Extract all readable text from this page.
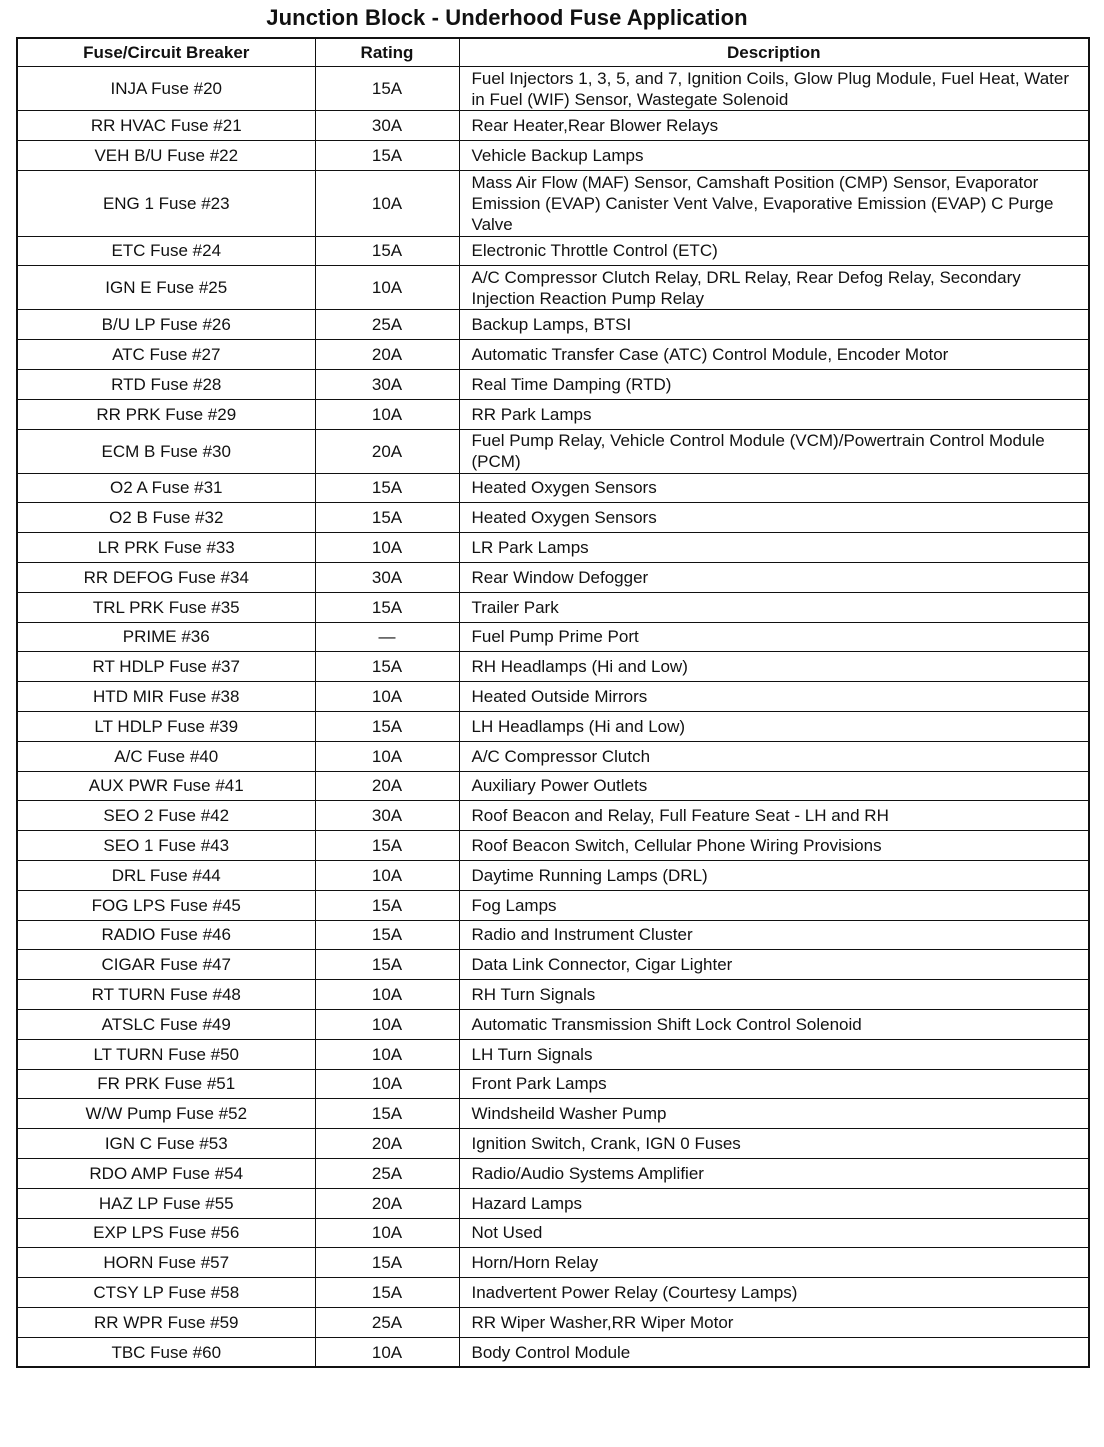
Junction Block - Underhood Fuse Application
Fuse/Circuit Breaker	Rating	Description
INJA Fuse #20	15A	Fuel Injectors 1, 3, 5, and 7, Ignition Coils, Glow Plug Module, Fuel Heat, Water in Fuel (WIF) Sensor, Wastegate Solenoid
RR HVAC Fuse #21	30A	Rear Heater,Rear Blower Relays
VEH B/U Fuse #22	15A	Vehicle Backup Lamps
ENG 1 Fuse #23	10A	Mass Air Flow (MAF) Sensor, Camshaft Position (CMP) Sensor, Evaporator Emission (EVAP) Canister Vent Valve, Evaporative Emission (EVAP) C Purge Valve
ETC Fuse #24	15A	Electronic Throttle Control (ETC)
IGN E Fuse #25	10A	A/C Compressor Clutch Relay, DRL Relay, Rear Defog Relay, Secondary Injection Reaction Pump Relay
B/U LP Fuse #26	25A	Backup Lamps, BTSI
ATC Fuse #27	20A	Automatic Transfer Case (ATC) Control Module, Encoder Motor
RTD Fuse #28	30A	Real Time Damping (RTD)
RR PRK Fuse #29	10A	RR Park Lamps
ECM B Fuse #30	20A	Fuel Pump Relay, Vehicle Control Module (VCM)/Powertrain Control Module (PCM)
O2 A Fuse #31	15A	Heated Oxygen Sensors
O2 B Fuse #32	15A	Heated Oxygen Sensors
LR PRK Fuse #33	10A	LR Park Lamps
RR DEFOG Fuse #34	30A	Rear Window Defogger
TRL PRK Fuse #35	15A	Trailer Park
PRIME #36	—	Fuel Pump Prime Port
RT HDLP Fuse #37	15A	RH Headlamps (Hi and Low)
HTD MIR Fuse #38	10A	Heated Outside Mirrors
LT HDLP Fuse #39	15A	LH Headlamps (Hi and Low)
A/C Fuse #40	10A	A/C Compressor Clutch
AUX PWR Fuse #41	20A	Auxiliary Power Outlets
SEO 2 Fuse #42	30A	Roof Beacon and Relay, Full Feature Seat - LH and RH
SEO 1 Fuse #43	15A	Roof Beacon Switch, Cellular Phone Wiring Provisions
DRL Fuse #44	10A	Daytime Running Lamps (DRL)
FOG LPS Fuse #45	15A	Fog Lamps
RADIO Fuse #46	15A	Radio and Instrument Cluster
CIGAR Fuse #47	15A	Data Link Connector, Cigar Lighter
RT TURN Fuse #48	10A	RH Turn Signals
ATSLC Fuse #49	10A	Automatic Transmission Shift Lock Control Solenoid
LT TURN Fuse #50	10A	LH Turn Signals
FR PRK Fuse #51	10A	Front Park Lamps
W/W Pump Fuse #52	15A	Windsheild Washer Pump
IGN C Fuse #53	20A	Ignition Switch, Crank, IGN 0 Fuses
RDO AMP Fuse #54	25A	Radio/Audio Systems Amplifier
HAZ LP Fuse #55	20A	Hazard Lamps
EXP LPS Fuse #56	10A	Not Used
HORN Fuse #57	15A	Horn/Horn Relay
CTSY LP Fuse #58	15A	Inadvertent Power Relay (Courtesy Lamps)
RR WPR Fuse #59	25A	RR Wiper Washer,RR Wiper Motor
TBC Fuse #60	10A	Body Control Module
